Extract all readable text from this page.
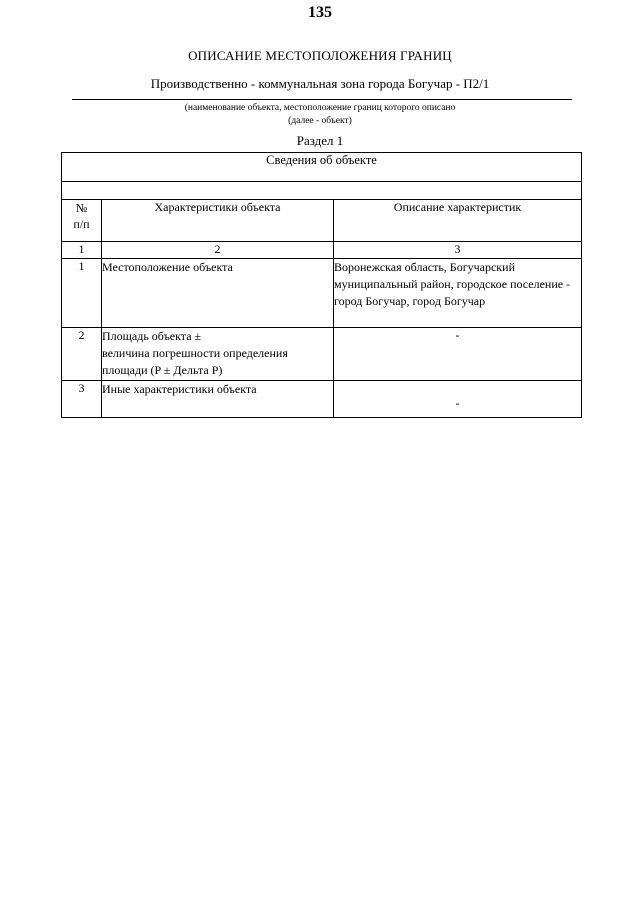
135
ОПИСАНИЕ МЕСТОПОЛОЖЕНИЯ ГРАНИЦ
Производственно - коммунальная зона города Богучар - П2/1
(наименование объекта, местоположение границ которого описано
(далее - объект)
Раздел 1
Сведения об объекте		

№
п/п	Характеристики объекта	Описание характеристик
1	2	3
1	Местоположение объекта	Воронежская область, Богучарский муниципальный район, городское поселение - город Богучар, город Богучар
2	Площадь объекта ±
величина погрешности определения
площади (P ± Дельта P)	-
3	Иные характеристики объекта	-
